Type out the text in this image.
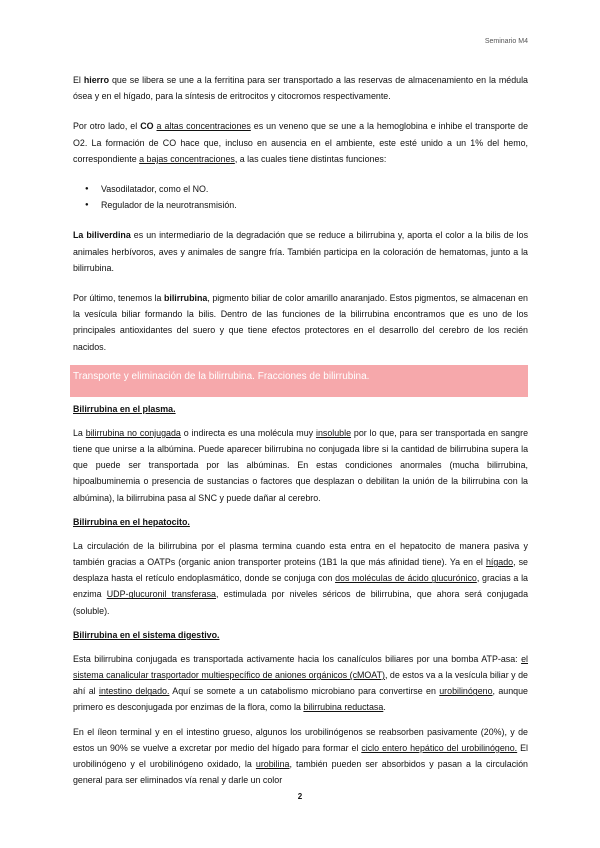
Seminario M4

El hierro que se libera se une a la ferritina para ser transportado a las reservas de almacenamiento en la médula ósea y en el hígado, para la síntesis de eritrocitos y citocromos respectivamente.

Por otro lado, el CO a altas concentraciones es un veneno que se une a la hemoglobina e inhibe el transporte de O2. La formación de CO hace que, incluso en ausencia en el ambiente, este esté unido a un 1% del hemo, correspondiente a bajas concentraciones, a las cuales tiene distintas funciones:

● Vasodilatador, como el NO.
● Regulador de la neurotransmisión.

La biliverdina es un intermediario de la degradación que se reduce a bilirrubina y, aporta el color a la bilis de los animales herbívoros, aves y animales de sangre fría. También participa en la coloración de hematomas, junto a la bilirrubina.

Por último, tenemos la bilirrubina, pigmento biliar de color amarillo anaranjado. Estos pigmentos, se almacenan en la vesícula biliar formando la bilis. Dentro de las funciones de la bilirrubina encontramos que es uno de los principales antioxidantes del suero y que tiene efectos protectores en el desarrollo del cerebro de los recién nacidos.

Transporte y eliminación de la bilirrubina. Fracciones de bilirrubina.
Bilirrubina en el plasma.

La bilirrubina no conjugada o indirecta es una molécula muy insoluble por lo que, para ser transportada en sangre tiene que unirse a la albúmina. Puede aparecer bilirrubina no conjugada libre si la cantidad de bilirrubina supera la que puede ser transportada por las albúminas. En estas condiciones anormales (mucha bilirrubina, hipoalbuminemia o presencia de sustancias o factores que desplazan o debilitan la unión de la bilirrubina con la albúmina), la bilirrubina pasa al SNC y puede dañar al cerebro.

Bilirrubina en el hepatocito.

La circulación de la bilirrubina por el plasma termina cuando esta entra en el hepatocito de manera pasiva y también gracias a OATPs (organic anion transporter proteins (1B1 la que más afinidad tiene). Ya en el hígado, se desplaza hasta el retículo endoplasmático, donde se conjuga con dos moléculas de ácido glucurónico, gracias a la enzima UDP-glucuronil transferasa, estimulada por niveles séricos de bilirrubina, que ahora será conjugada (soluble).

Bilirrubina en el sistema digestivo.

Esta bilirrubina conjugada es transportada activamente hacia los canalículos biliares por una bomba ATP-asa: el sistema canalicular trasportador multiespecífico de aniones orgánicos (cMOAT), de estos va a la vesícula biliar y de ahí al intestino delgado. Aquí se somete a un catabolismo microbiano para convertirse en urobilinógeno, aunque primero es desconjugada por enzimas de la flora, como la bilirrubina reductasa.

En el íleon terminal y en el intestino grueso, algunos los urobilinógenos se reabsorben pasivamente (20%), y de estos un 90% se vuelve a excretar por medio del hígado para formar el ciclo entero hepático del urobilinógeno. El urobilinógeno y el urobilinógeno oxidado, la urobilina, también pueden ser absorbidos y pasan a la circulación general para ser eliminados vía renal y darle un color

2
